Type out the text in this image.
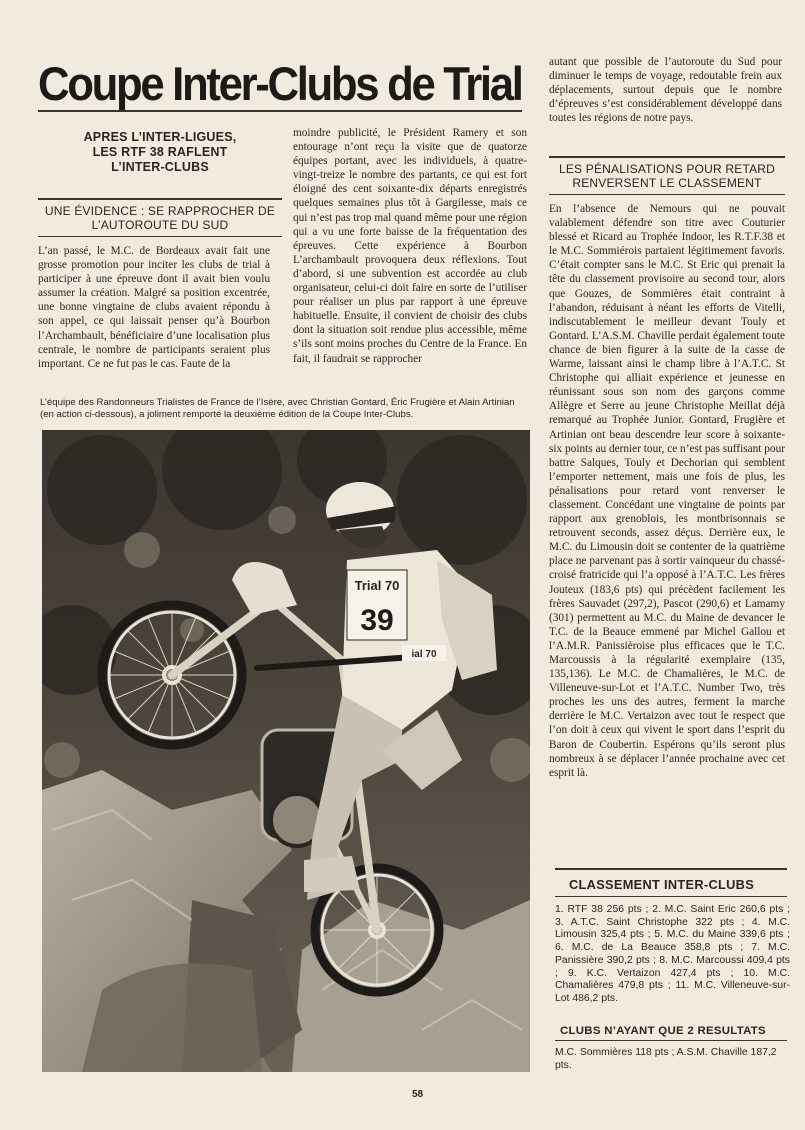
Coupe Inter-Clubs de Trial
APRES L’INTER-LIGUES,
LES RTF 38 RAFLENT
L’INTER-CLUBS
UNE ÉVIDENCE : SE RAPPROCHER DE
L’AUTOROUTE DU SUD

L’an passé, le M.C. de Bordeaux avait fait une grosse promotion pour inciter les clubs de trial à participer à une épreuve dont il avait bien voulu assumer la création. Malgré sa position excentrée, une bonne vingtaine de clubs avaient répondu à son appel, ce qui laissait penser qu’à Bourbon l’Archambault, bénéficiaire d’une localisation plus centrale, le nombre de participants seraient plus important. Ce ne fut pas le cas. Faute de la

moindre publicité, le Président Ramery et son entourage n’ont reçu la visite que de quatorze équipes portant, avec les individuels, à quatre-vingt-treize le nombre des partants, ce qui est fort éloigné des cent soixante-dix départs enregistrés quelques semaines plus tôt à Gargilesse, mais ce qui n’est pas trop mal quand même pour une région qui a vu une forte baisse de la fréquentation des épreuves. Cette expérience à Bourbon L’archambault provoquera deux réflexions. Tout d’abord, si une subvention est accordée au club organisateur, celui-ci doit faire en sorte de l’utiliser pour réaliser un plus par rapport à une épreuve habituelle. Ensuite, il convient de choisir des clubs dont la situation soit rendue plus accessible, même s’ils sont moins proches du Centre de la France. En fait, il faudrait se rapprocher

autant que possible de l’autoroute du Sud pour diminuer le temps de voyage, redoutable frein aux déplacements, surtout depuis que le nombre d’épreuves s’est considérablement développé dans toutes les régions de notre pays.

LES PÉNALISATIONS POUR RETARD
RENVERSENT LE CLASSEMENT

En l’absence de Nemours qui ne pouvait valablement défendre son titre avec Couturier blessé et Ricard au Trophée Indoor, les R.T.F.38 et le M.C. Sommiérois partaient légitimement favoris. C’était compter sans le M.C. St Eric qui prenait la tête du classement provisoire au second tour, alors que Gouzes, de Sommières était contraint à l’abandon, réduisant à néant les efforts de Vitelli, indiscutablement le meilleur devant Touly et Gontard. L’A.S.M. Chaville perdait également toute chance de bien figurer à la suite de la casse de Warme, laissant ainsi le champ libre à l’A.T.C. St Christophe qui alliait expérience et jeunesse en réunissant sous son nom des garçons comme Allègre et Serre au jeune Christophe Meillat déjà remarqué au Trophée Junior. Gontard, Frugière et Artinian ont beau descendre leur score à soixante-six points au dernier tour, ce n’est pas suffisant pour battre Salques, Touly et Dechorian qui semblent l’emporter nettement, mais une fois de plus, les pénalisations pour retard vont renverser le classement. Concédant une vingtaine de points par rapport aux grenoblois, les montbrisonnais se retrouvent seconds, assez déçus. Derrière eux, le M.C. du Limousin doit se contenter de la quatrième place ne parvenant pas à sortir vainqueur du chassé-croisé fratricide qui l’a opposé à l’A.T.C. Les frères Jouteux (183,6 pts) qui précèdent facilement les frères Sauvadet (297,2), Pascot (290,6) et Lamamy (301) permettent au M.C. du Maine de devancer le T.C. de la Beauce emmené par Michel Gallou et l’A.M.R. Panissièroise plus efficaces que le T.C. Marcoussis à la régularité exemplaire (135, 135,136). Le M.C. de Chamalières, le M.C. de Villeneuve-sur-Lot et l’A.T.C. Number Two, très proches les uns des autres, ferment la marche derrière le M.C. Vertaizon avec tout le respect que l’on doit à ceux qui vivent le sport dans l’esprit du Baron de Coubertin. Espérons qu’ils seront plus nombreux à se déplacer l’année prochaine avec cet esprit là.

L’équipe des Randonneurs Trialistes de France de l’Isère, avec Christian Gontard, Éric Frugière et Alain Artinian (en action ci-dessous), a joliment remporté la deuxième édition de la Coupe Inter-Clubs.
Trial 70
39
ial 70
CLASSEMENT INTER-CLUBS
1. RTF 38 256 pts ; 2. M.C. Saint Eric 260,6 pts ; 3. A.T.C. Saint Christophe 322 pts ; 4. M.C. Limousin 325,4 pts ; 5. M.C. du Maine 339,6 pts ; 6. M.C. de La Beauce 358,8 pts ; 7. M.C. Panissière 390,2 pts ; 8. M.C. Marcoussi 409,4 pts ; 9. K.C. Vertaizon 427,4 pts ; 10. M.C. Chamalières 479,8 pts ; 11. M.C. Villeneuve-sur-Lot 486,2 pts.
CLUBS N’AYANT QUE 2 RESULTATS
M.C. Sommières 118 pts ; A.S.M. Chaville 187,2 pts.
58
